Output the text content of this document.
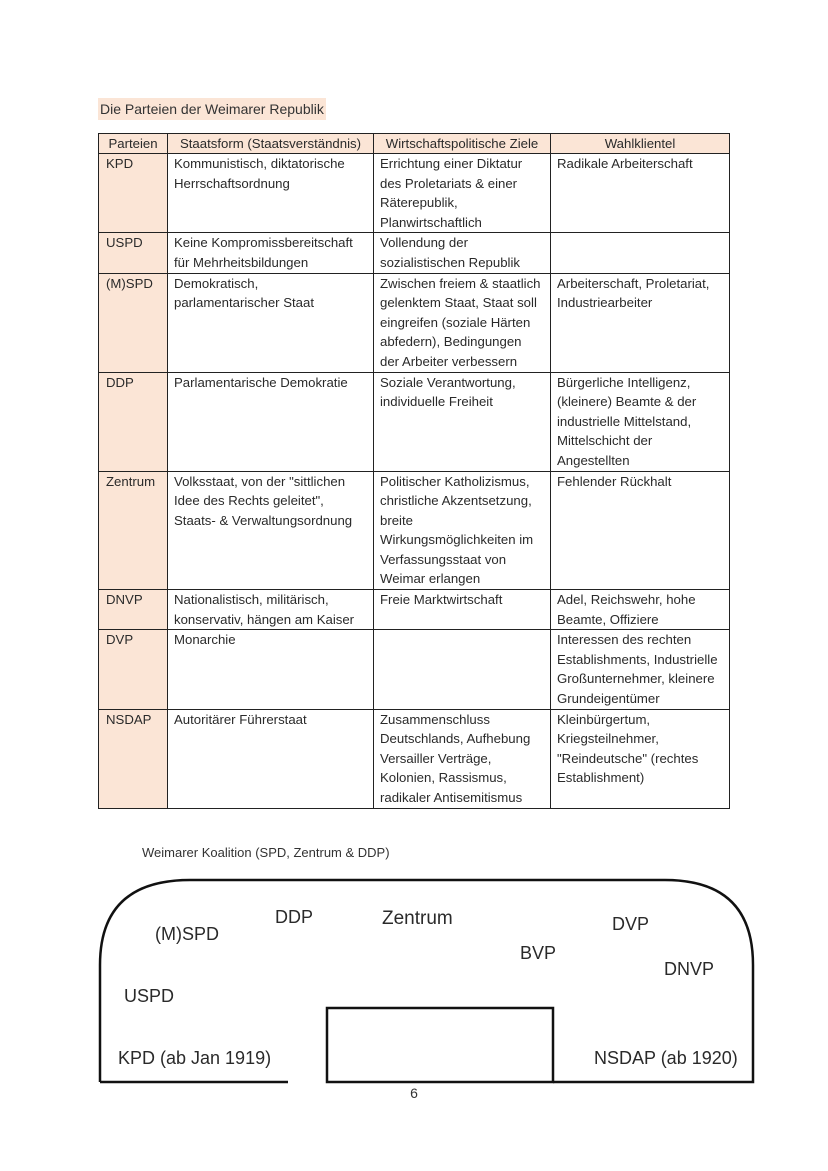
Die Parteien der Weimarer Republik
Parteien	Staatsform (Staatsverständnis)	Wirtschaftspolitische Ziele	Wahlklientel
KPD	Kommunistisch, diktatorische Herrschaftsordnung	Errichtung einer Diktatur des Proletariats & einer Räterepublik, Planwirtschaftlich	Radikale Arbeiterschaft
USPD	Keine Kompromissbereitschaft für Mehrheitsbildungen	Vollendung der sozialistischen Republik	
(M)SPD	Demokratisch, parlamentarischer Staat	Zwischen freiem & staatlich gelenktem Staat, Staat soll eingreifen (soziale Härten abfedern), Bedingungen der Arbeiter verbessern	Arbeiterschaft, Proletariat, Industriearbeiter
DDP	Parlamentarische Demokratie	Soziale Verantwortung, individuelle Freiheit	Bürgerliche Intelligenz, (kleinere) Beamte & der industrielle Mittelstand, Mittelschicht der Angestellten
Zentrum	Volksstaat, von der "sittlichen Idee des Rechts geleitet", Staats- & Verwaltungsordnung	Politischer Katholizismus, christliche Akzentsetzung, breite Wirkungsmöglichkeiten im Verfassungsstaat von Weimar erlangen	Fehlender Rückhalt
DNVP	Nationalistisch, militärisch, konservativ, hängen am Kaiser	Freie Marktwirtschaft	Adel, Reichswehr, hohe Beamte, Offiziere
DVP	Monarchie		Interessen des rechten Establishments, Industrielle Großunternehmer, kleinere Grundeigentümer
NSDAP	Autoritärer Führerstaat	Zusammenschluss Deutschlands, Aufhebung Versailler Verträge, Kolonien, Rassismus, radikaler Antisemitismus	Kleinbürgertum, Kriegsteilnehmer, "Reindeutsche" (rechtes Establishment)
Weimarer Koalition (SPD, Zentrum & DDP)
(M)SPD
DDP	Zentrum
BVP
DVP
DNVP
USPD
KPD (ab Jan 1919)	NSDAP (ab 1920)
6
